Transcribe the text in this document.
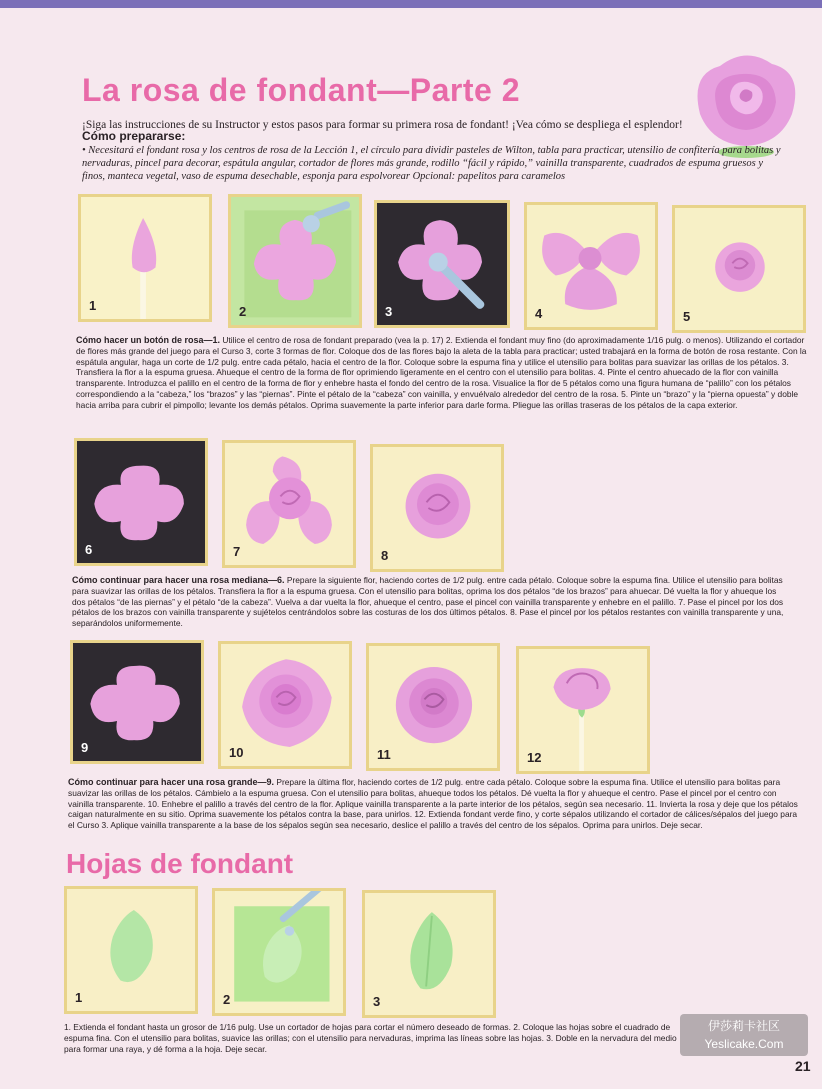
La rosa de fondant—Parte 2
¡Siga las instrucciones de su Instructor y estos pasos para formar su primera rosa de fondant! ¡Vea cómo se despliega el esplendor!
Cómo prepararse:
• Necesitará el fondant rosa y los centros de rosa de la Lección 1, el círculo para dividir pasteles de Wilton, tabla para practicar, utensilio de confitería para bolitas y nervaduras, pincel para decorar, espátula angular, cortador de flores más grande, rodillo “fácil y rápido,” vainilla transparente, cuadrados de espuma gruesos y finos, manteca vegetal, vaso de espuma desechable, esponja para espolvorear Opcional: papelitos para caramelos
1	2	3	4	5
Cómo hacer un botón de rosa—1. Utilice el centro de rosa de fondant preparado (vea la p. 17) 2. Extienda el fondant muy fino (do aproximadamente 1/16 pulg. o menos). Utilizando el cortador de flores más grande del juego para el Curso 3, corte 3 formas de flor. Coloque dos de las flores bajo la aleta de la tabla para practicar; usted trabajará en la forma de botón de rosa restante. Con la espátula angular, haga un corte de 1/2 pulg. entre cada pétalo, hacia el centro de la flor. Coloque sobre la espuma fina y utilice el utensilio para bolitas para suavizar las orillas de los pétalos. 3. Transfiera la flor a la espuma gruesa. Ahueque el centro de la forma de flor oprimiendo ligeramente en el centro con el utensilio para bolitas. 4. Pinte el centro ahuecado de la flor con vainilla transparente. Introduzca el palillo en el centro de la forma de flor y enhebre hasta el fondo del centro de la rosa. Visualice la flor de 5 pétalos como una figura humana de “palillo” con los pétalos correspondiendo a la “cabeza,” los “brazos” y las “piernas”. Pinte el pétalo de la “cabeza” con vainilla, y envuélvalo alrededor del centro de la rosa. 5. Pinte un “brazo” y la “pierna opuesta” y doble hacia arriba para cubrir el pimpollo; levante los demás pétalos. Oprima suavemente la parte inferior para darle forma. Pliegue las orillas traseras de los pétalos de la capa exterior.
6	7	8
Cómo continuar para hacer una rosa mediana—6. Prepare la siguiente flor, haciendo cortes de 1/2 pulg. entre cada pétalo. Coloque sobre la espuma fina. Utilice el utensilio para bolitas para suavizar las orillas de los pétalos. Transfiera la flor a la espuma gruesa. Con el utensilio para bolitas, oprima los dos pétalos “de los brazos” para ahuecar. Dé vuelta la flor y ahueque los dos pétalos “de las piernas” y el pétalo “de la cabeza”. Vuelva a dar vuelta la flor, ahueque el centro, pase el pincel con vainilla transparente y enhebre en el palillo. 7. Pase el pincel por los dos pétalos de los brazos con vainilla transparente y sujételos centrándolos sobre las costuras de los dos últimos pétalos. 8. Pase el pincel por los pétalos restantes con vainilla transparente y una, separándolos uniformemente.
9	10	11	12
Cómo continuar para hacer una rosa grande—9. Prepare la última flor, haciendo cortes de 1/2 pulg. entre cada pétalo. Coloque sobre la espuma fina. Utilice el utensilio para bolitas para suavizar las orillas de los pétalos. Cámbielo a la espuma gruesa. Con el utensilio para bolitas, ahueque todos los pétalos. Dé vuelta la flor y ahueque el centro. Pase el pincel por el centro con vainilla transparente. 10. Enhebre el palillo a través del centro de la flor. Aplique vainilla transparente a la parte interior de los pétalos, según sea necesario. 11. Invierta la rosa y deje que los pétalos caigan naturalmente en su sitio. Oprima suavemente los pétalos contra la base, para unirlos. 12. Extienda fondant verde fino, y corte sépalos utilizando el cortador de cálices/sépalos del juego para el Curso 3. Aplique vainilla transparente a la base de los sépalos según sea necesario, deslice el palillo a través del centro de los sépalos. Oprima para unirlos. Deje secar.
Hojas de fondant
1	2	3
1. Extienda el fondant hasta un grosor de 1/16 pulg. Use un cortador de hojas para cortar el número deseado de formas. 2. Coloque las hojas sobre el cuadrado de espuma fina. Con el utensilio para bolitas, suavice las orillas; con el utensilio para nervaduras, imprima las líneas sobre las hojas. 3. Doble en la nervadura del medio para formar una raya, y dé forma a la hoja. Deje secar.
伊莎莉卡社区
Yeslicake.Com
21
